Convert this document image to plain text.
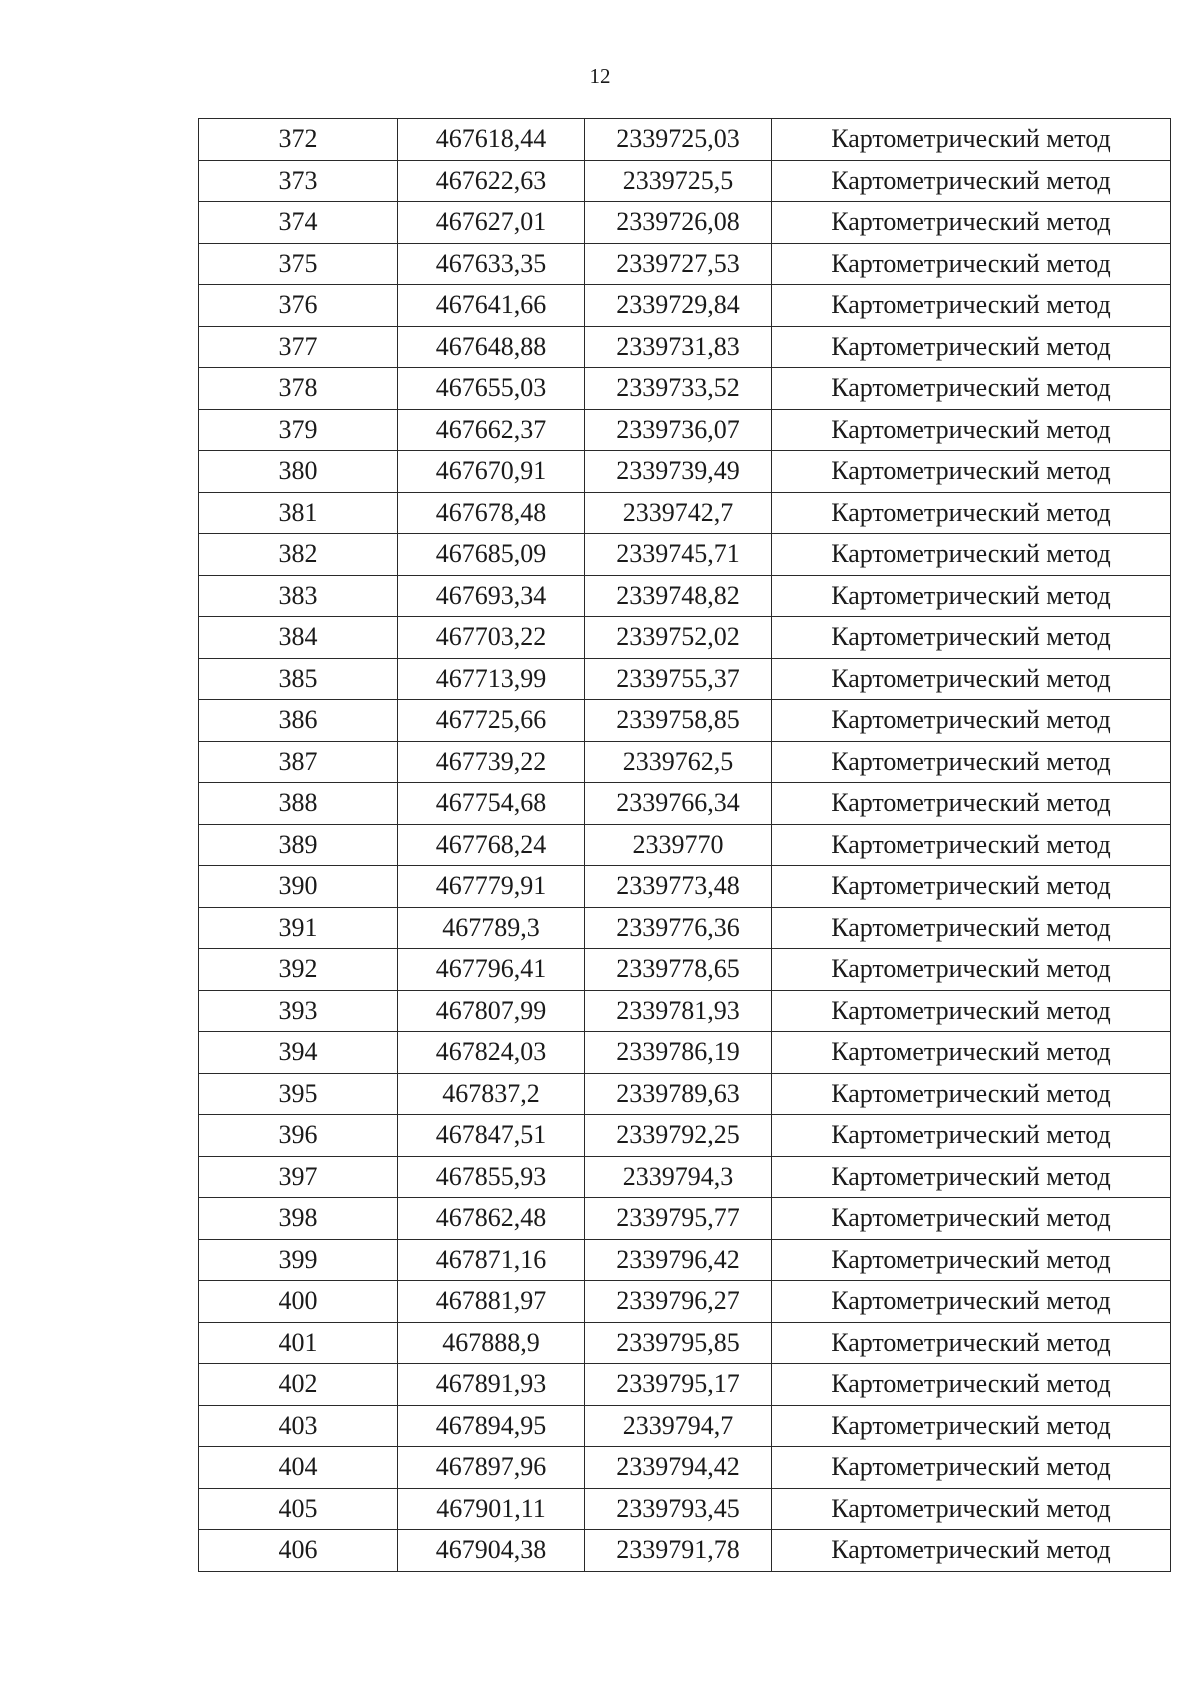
12
372	467618,44	2339725,03	Картометрический метод
373	467622,63	2339725,5	Картометрический метод
374	467627,01	2339726,08	Картометрический метод
375	467633,35	2339727,53	Картометрический метод
376	467641,66	2339729,84	Картометрический метод
377	467648,88	2339731,83	Картометрический метод
378	467655,03	2339733,52	Картометрический метод
379	467662,37	2339736,07	Картометрический метод
380	467670,91	2339739,49	Картометрический метод
381	467678,48	2339742,7	Картометрический метод
382	467685,09	2339745,71	Картометрический метод
383	467693,34	2339748,82	Картометрический метод
384	467703,22	2339752,02	Картометрический метод
385	467713,99	2339755,37	Картометрический метод
386	467725,66	2339758,85	Картометрический метод
387	467739,22	2339762,5	Картометрический метод
388	467754,68	2339766,34	Картометрический метод
389	467768,24	2339770	Картометрический метод
390	467779,91	2339773,48	Картометрический метод
391	467789,3	2339776,36	Картометрический метод
392	467796,41	2339778,65	Картометрический метод
393	467807,99	2339781,93	Картометрический метод
394	467824,03	2339786,19	Картометрический метод
395	467837,2	2339789,63	Картометрический метод
396	467847,51	2339792,25	Картометрический метод
397	467855,93	2339794,3	Картометрический метод
398	467862,48	2339795,77	Картометрический метод
399	467871,16	2339796,42	Картометрический метод
400	467881,97	2339796,27	Картометрический метод
401	467888,9	2339795,85	Картометрический метод
402	467891,93	2339795,17	Картометрический метод
403	467894,95	2339794,7	Картометрический метод
404	467897,96	2339794,42	Картометрический метод
405	467901,11	2339793,45	Картометрический метод
406	467904,38	2339791,78	Картометрический метод
